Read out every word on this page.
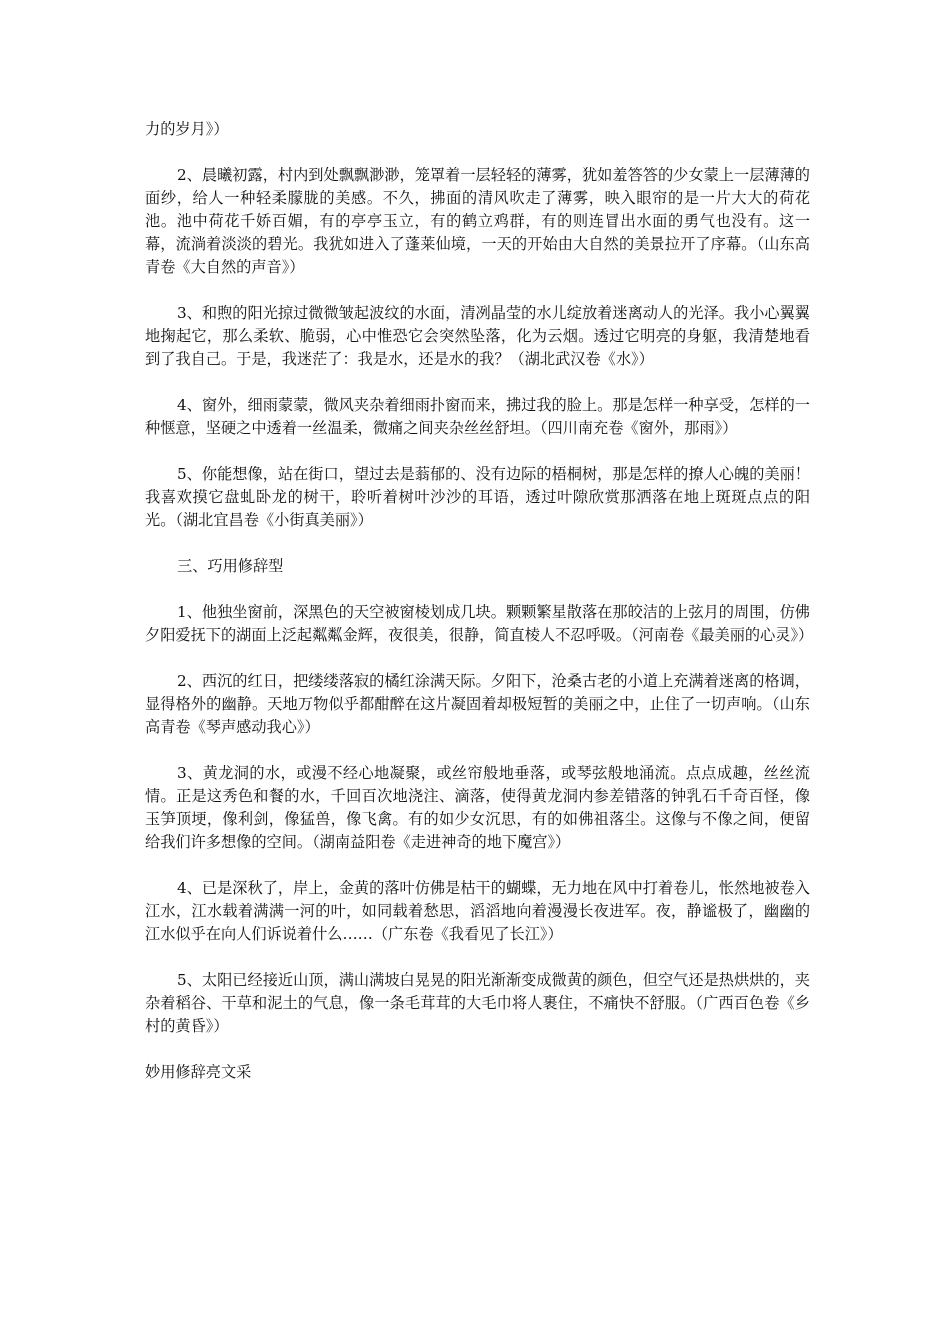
力的岁月》）

2、晨曦初露，村内到处飘飘渺渺，笼罩着一层轻轻的薄雾，犹如羞答答的少女蒙上一层薄薄的面纱，给人一种轻柔朦胧的美感。不久，拂面的清风吹走了薄雾，映入眼帘的是一片大大的荷花池。池中荷花千娇百媚，有的亭亭玉立，有的鹤立鸡群，有的则连冒出水面的勇气也没有。这一幕，流淌着淡淡的碧光。我犹如进入了蓬莱仙境，一天的开始由大自然的美景拉开了序幕。（山东高青卷《大自然的声音》）

3、和煦的阳光掠过微微皱起波纹的水面，清冽晶莹的水儿绽放着迷离动人的光泽。我小心翼翼地掬起它，那么柔软、脆弱，心中惟恐它会突然坠落，化为云烟。透过它明亮的身躯，我清楚地看到了我自己。于是，我迷茫了：我是水，还是水的我？（湖北武汉卷《水》）

4、窗外，细雨蒙蒙，微风夹杂着细雨扑窗而来，拂过我的脸上。那是怎样一种享受，怎样的一种惬意，坚硬之中透着一丝温柔，微痛之间夹杂丝丝舒坦。（四川南充卷《窗外，那雨》）

5、你能想像，站在街口，望过去是蓊郁的、没有边际的梧桐树，那是怎样的撩人心魄的美丽！我喜欢摸它盘虬卧龙的树干，聆听着树叶沙沙的耳语，透过叶隙欣赏那洒落在地上斑斑点点的阳光。（湖北宜昌卷《小街真美丽》）

三、巧用修辞型

1、他独坐窗前，深黑色的天空被窗棱划成几块。颗颗繁星散落在那皎洁的上弦月的周围，仿佛夕阳爱抚下的湖面上泛起粼粼金辉，夜很美，很静，简直棱人不忍呼吸。（河南卷《最美丽的心灵》）

2、西沉的红日，把缕缕落寂的橘红涂满天际。夕阳下，沧桑古老的小道上充满着迷离的格调，显得格外的幽静。天地万物似乎都酣醉在这片凝固着却极短暂的美丽之中，止住了一切声响。（山东高青卷《琴声感动我心》）

3、黄龙洞的水，或漫不经心地凝聚，或丝帘般地垂落，或琴弦般地涌流。点点成趣，丝丝流情。正是这秀色和餐的水，千回百次地浇注、滴落，使得黄龙洞内参差错落的钟乳石千奇百怪，像玉笋顶埂，像利剑，像猛兽，像飞禽。有的如少女沉思，有的如佛祖落尘。这像与不像之间，便留给我们许多想像的空间。（湖南益阳卷《走进神奇的地下魔宫》）

4、已是深秋了，岸上，金黄的落叶仿佛是枯干的蝴蝶，无力地在风中打着卷儿，怅然地被卷入江水，江水载着满满一河的叶，如同载着愁思，滔滔地向着漫漫长夜进军。夜，静谧极了，幽幽的江水似乎在向人们诉说着什么……（广东卷《我看见了长江》）

5、太阳已经接近山顶，满山满坡白晃晃的阳光渐渐变成微黄的颜色，但空气还是热烘烘的，夹杂着稻谷、干草和泥土的气息，像一条毛茸茸的大毛巾将人裹住，不痛快不舒服。（广西百色卷《乡村的黄昏》）

妙用修辞亮文采
